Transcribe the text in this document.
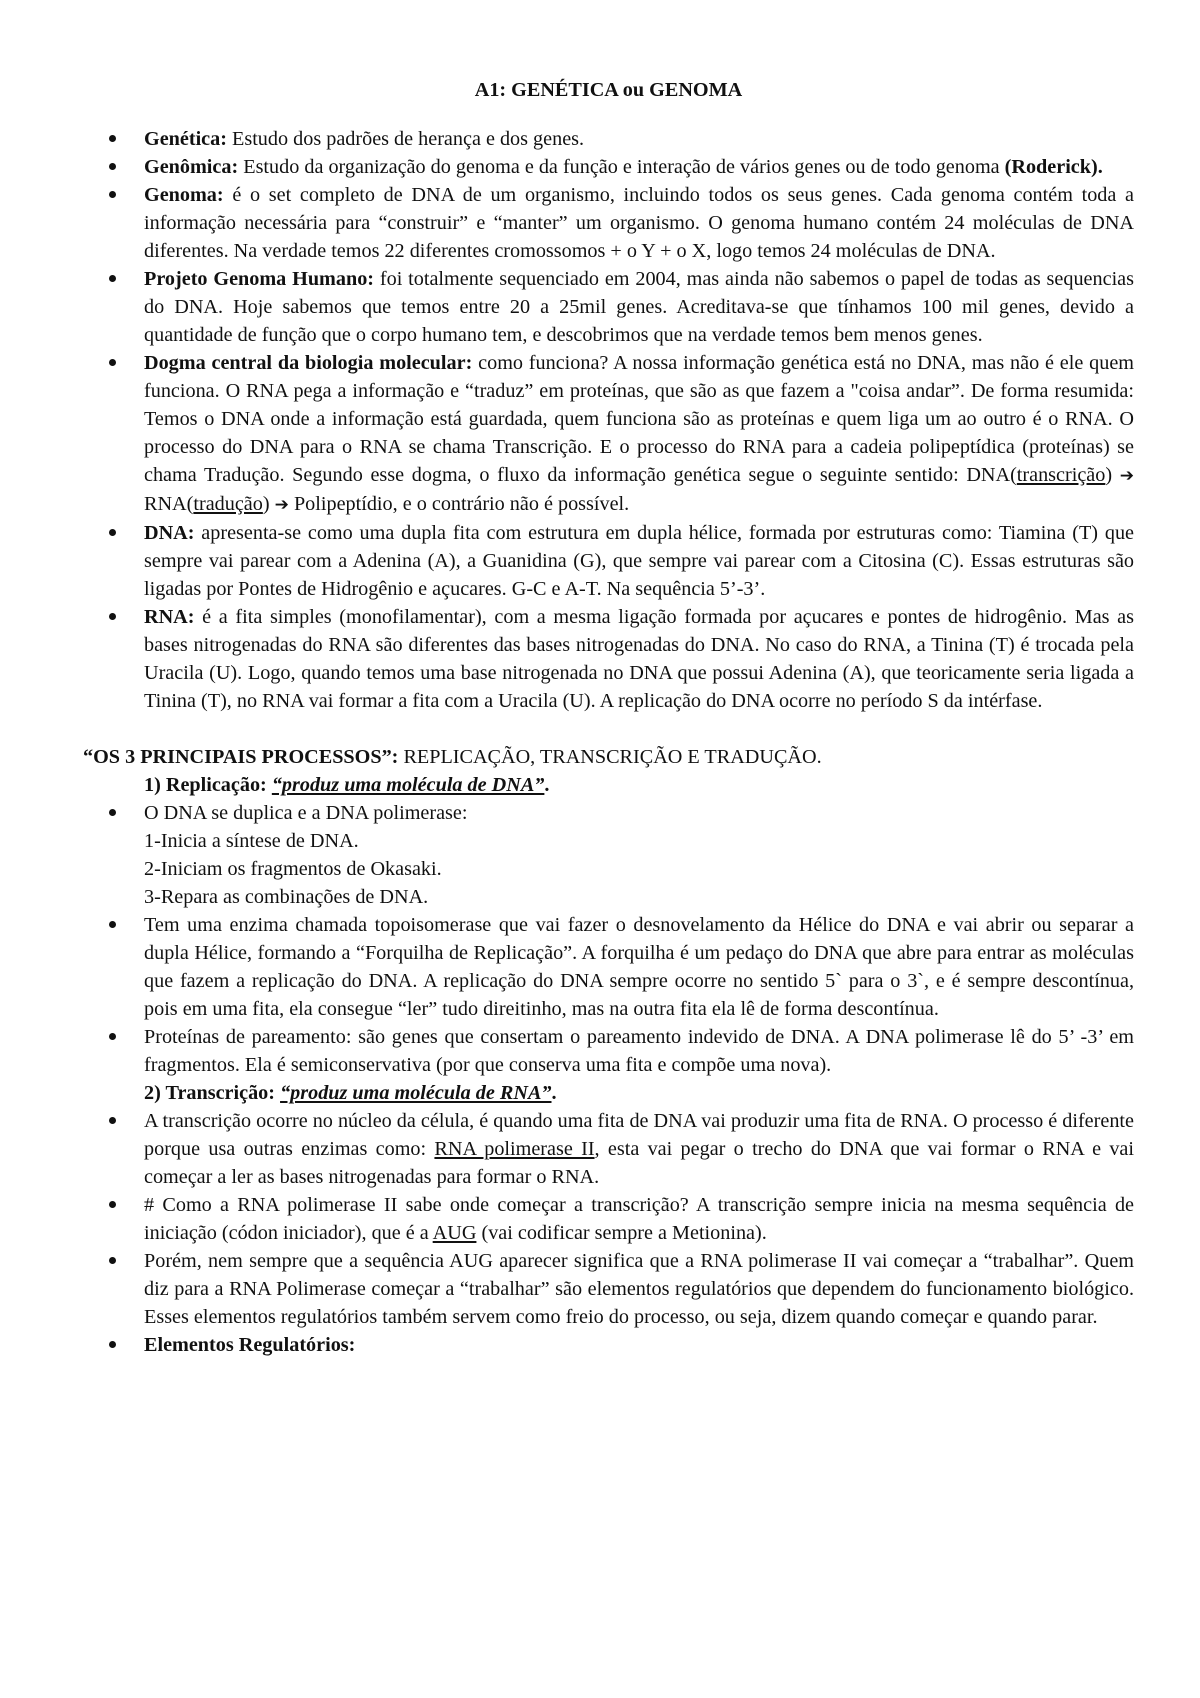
A1: GENÉTICA ou GENOMA
Genética: Estudo dos padrões de herança e dos genes.
Genômica: Estudo da organização do genoma e da função e interação de vários genes ou de todo genoma (Roderick).
Genoma: é o set completo de DNA de um organismo, incluindo todos os seus genes. Cada genoma contém toda a informação necessária para “construir” e “manter” um organismo. O genoma humano contém 24 moléculas de DNA diferentes. Na verdade temos 22 diferentes cromossomos + o Y + o X, logo temos 24 moléculas de DNA.
Projeto Genoma Humano: foi totalmente sequenciado em 2004, mas ainda não sabemos o papel de todas as sequencias do DNA. Hoje sabemos que temos entre 20 a 25mil genes. Acreditava-se que tínhamos 100 mil genes, devido a quantidade de função que o corpo humano tem, e descobrimos que na verdade temos bem menos genes.
Dogma central da biologia molecular: como funciona? A nossa informação genética está no DNA, mas não é ele quem funciona. O RNA pega a informação e “traduz” em proteínas, que são as que fazem a "coisa andar”. De forma resumida: Temos o DNA onde a informação está guardada, quem funciona são as proteínas e quem liga um ao outro é o RNA. O processo do DNA para o RNA se chama Transcrição. E o processo do RNA para a cadeia polipeptídica (proteínas) se chama Tradução. Segundo esse dogma, o fluxo da informação genética segue o seguinte sentido: DNA(transcrição) ➔ RNA(tradução) ➔ Polipeptídio, e o contrário não é possível.
DNA: apresenta-se como uma dupla fita com estrutura em dupla hélice, formada por estruturas como: Tiamina (T) que sempre vai parear com a Adenina (A), a Guanidina (G), que sempre vai parear com a Citosina (C). Essas estruturas são ligadas por Pontes de Hidrogênio e açucares. G-C e A-T. Na sequência 5’-3’.
RNA: é a fita simples (monofilamentar), com a mesma ligação formada por açucares e pontes de hidrogênio. Mas as bases nitrogenadas do RNA são diferentes das bases nitrogenadas do DNA. No caso do RNA, a Tinina (T) é trocada pela Uracila (U). Logo, quando temos uma base nitrogenada no DNA que possui Adenina (A), que teoricamente seria ligada a Tinina (T), no RNA vai formar a fita com a Uracila (U). A replicação do DNA ocorre no período S da intérfase.
“OS 3 PRINCIPAIS PROCESSOS”: REPLICAÇÃO, TRANSCRIÇÃO E TRADUÇÃO.
1) Replicação: “produz uma molécula de DNA”.
O DNA se duplica e a DNA polimerase:
1-Inicia a síntese de DNA.
2-Iniciam os fragmentos de Okasaki.
3-Repara as combinações de DNA.
Tem uma enzima chamada topoisomerase que vai fazer o desnovelamento da Hélice do DNA e vai abrir ou separar a dupla Hélice, formando a “Forquilha de Replicação”. A forquilha é um pedaço do DNA que abre para entrar as moléculas que fazem a replicação do DNA. A replicação do DNA sempre ocorre no sentido 5` para o 3`, e é sempre descontínua, pois em uma fita, ela consegue “ler” tudo direitinho, mas na outra fita ela lê de forma descontínua.
Proteínas de pareamento: são genes que consertam o pareamento indevido de DNA. A DNA polimerase lê do 5’ -3’ em fragmentos. Ela é semiconservativa (por que conserva uma fita e compõe uma nova).
2) Transcrição: “produz uma molécula de RNA”.
A transcrição ocorre no núcleo da célula, é quando uma fita de DNA vai produzir uma fita de RNA. O processo é diferente porque usa outras enzimas como: RNA polimerase II, esta vai pegar o trecho do DNA que vai formar o RNA e vai começar a ler as bases nitrogenadas para formar o RNA.
# Como a RNA polimerase II sabe onde começar a transcrição? A transcrição sempre inicia na mesma sequência de iniciação (códon iniciador), que é a AUG (vai codificar sempre a Metionina).
Porém, nem sempre que a sequência AUG aparecer significa que a RNA polimerase II vai começar a “trabalhar”. Quem diz para a RNA Polimerase começar a “trabalhar” são elementos regulatórios que dependem do funcionamento biológico. Esses elementos regulatórios também servem como freio do processo, ou seja, dizem quando começar e quando parar.
Elementos Regulatórios:
